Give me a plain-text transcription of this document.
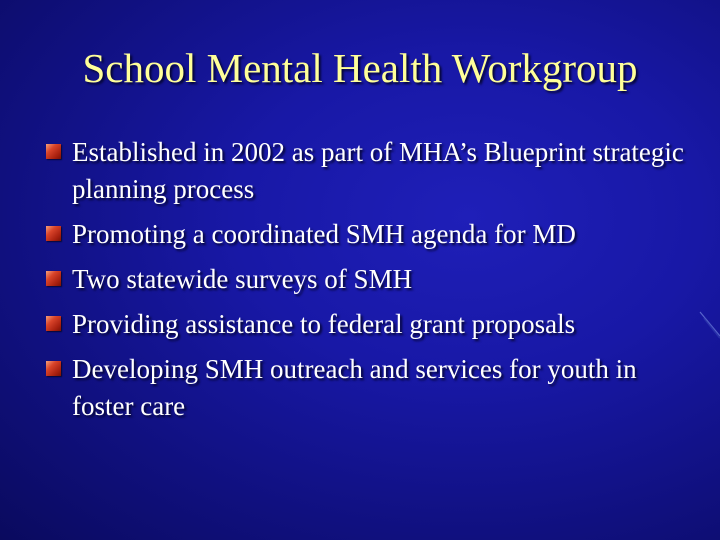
School Mental Health Workgroup
Established in 2002 as part of MHA’s Blueprint strategic planning process
Promoting a coordinated SMH agenda for MD
Two statewide surveys of SMH
Providing assistance to federal grant proposals
Developing SMH outreach and services for youth in foster care
